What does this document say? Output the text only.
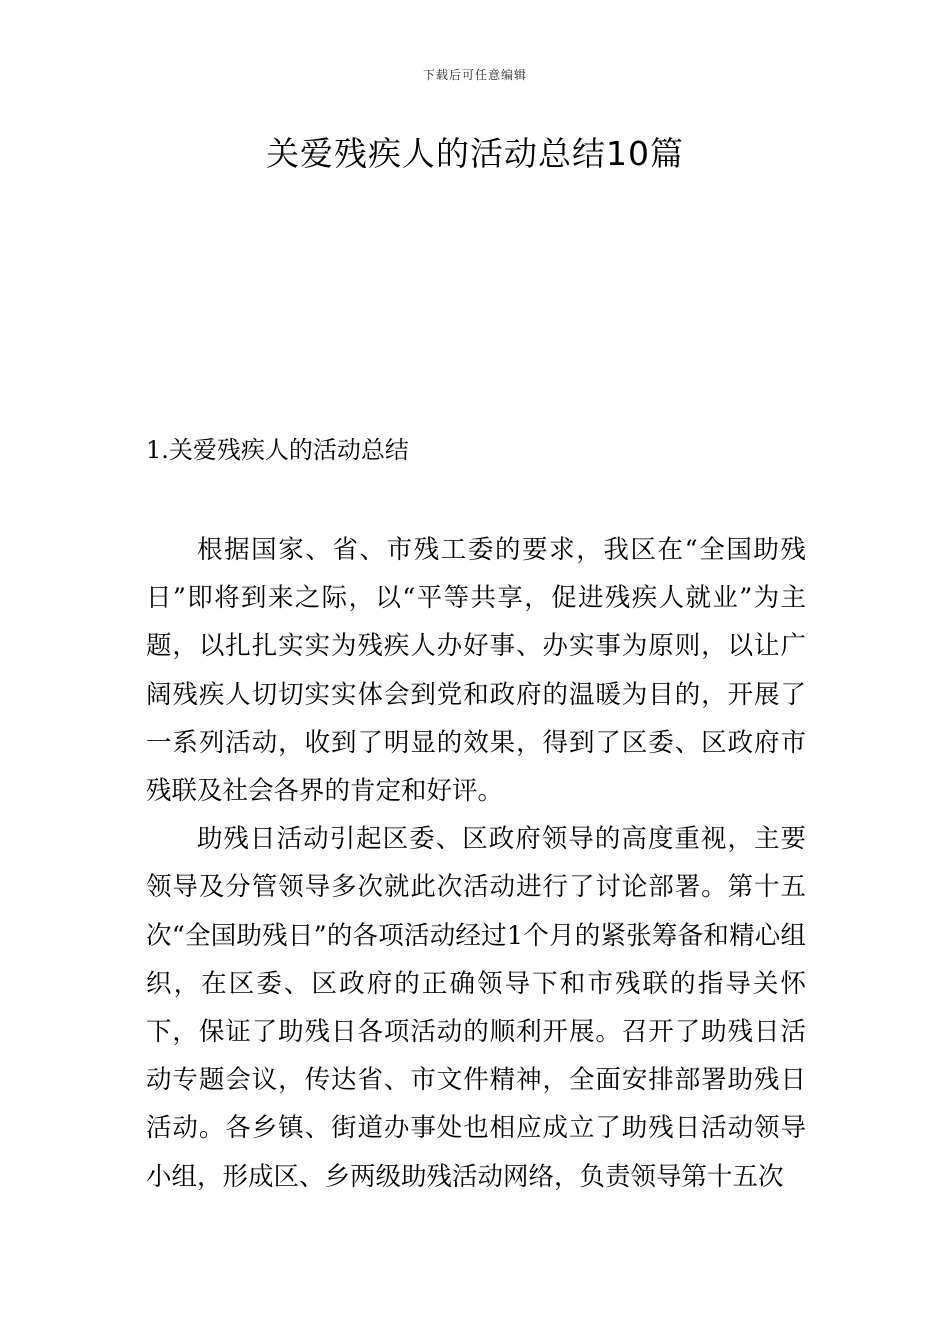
下载后可任意编辑
关爱残疾人的活动总结10篇
1.关爱残疾人的活动总结

根据国家、省、市残工委的要求，我区在“全国助残日”即将到来之际，以“平等共享，促进残疾人就业”为主题，以扎扎实实为残疾人办好事、办实事为原则，以让广阔残疾人切切实实体会到党和政府的温暖为目的，开展了一系列活动，收到了明显的效果，得到了区委、区政府市残联及社会各界的肯定和好评。

助残日活动引起区委、区政府领导的高度重视，主要领导及分管领导多次就此次活动进行了讨论部署。第十五次“全国助残日”的各项活动经过1个月的紧张筹备和精心组织，在区委、区政府的正确领导下和市残联的指导关怀下，保证了助残日各项活动的顺利开展。召开了助残日活动专题会议，传达省、市文件精神，全面安排部署助残日活动。各乡镇、街道办事处也相应成立了助残日活动领导小组，形成区、乡两级助残活动网络，负责领导第十五次
